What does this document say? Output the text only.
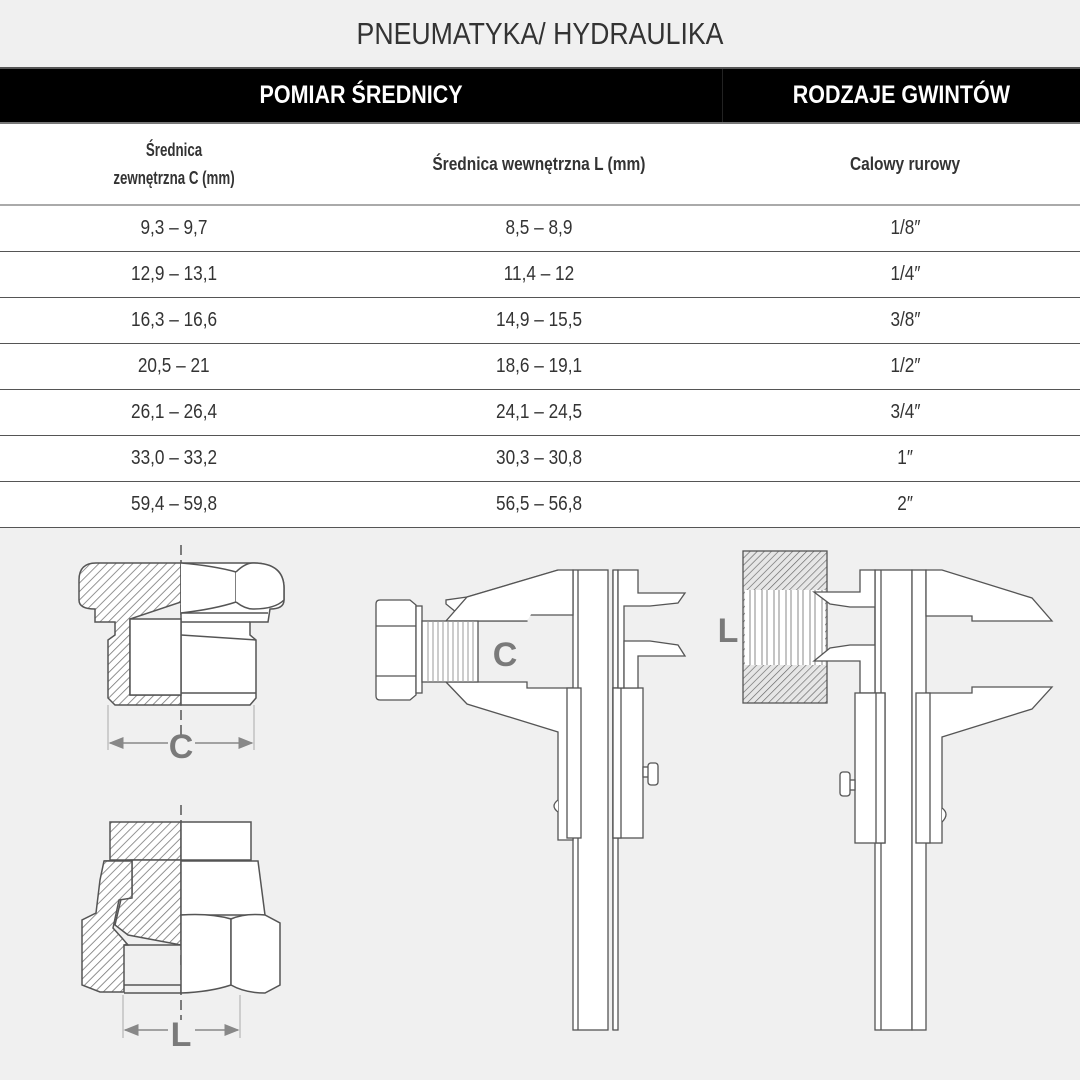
PNEUMATYKA/ HYDRAULIKA
POMIAR ŚREDNICY	RODZAJE GWINTÓW
Średnica
zewnętrzna C (mm)	Średnica wewnętrzna L (mm)	Calowy rurowy
9,3 – 9,7	8,5 – 8,9	1/8″
12,9 – 13,1	11,4 – 12	1/4″
16,3 – 16,6	14,9 – 15,5	3/8″
20,5 – 21	18,6 – 19,1	1/2″
26,1 – 26,4	24,1 – 24,5	3/4″
33,0 – 33,2	30,3 – 30,8	1″
59,4 – 59,8	56,5 – 56,8	2″
C
L
C
L
